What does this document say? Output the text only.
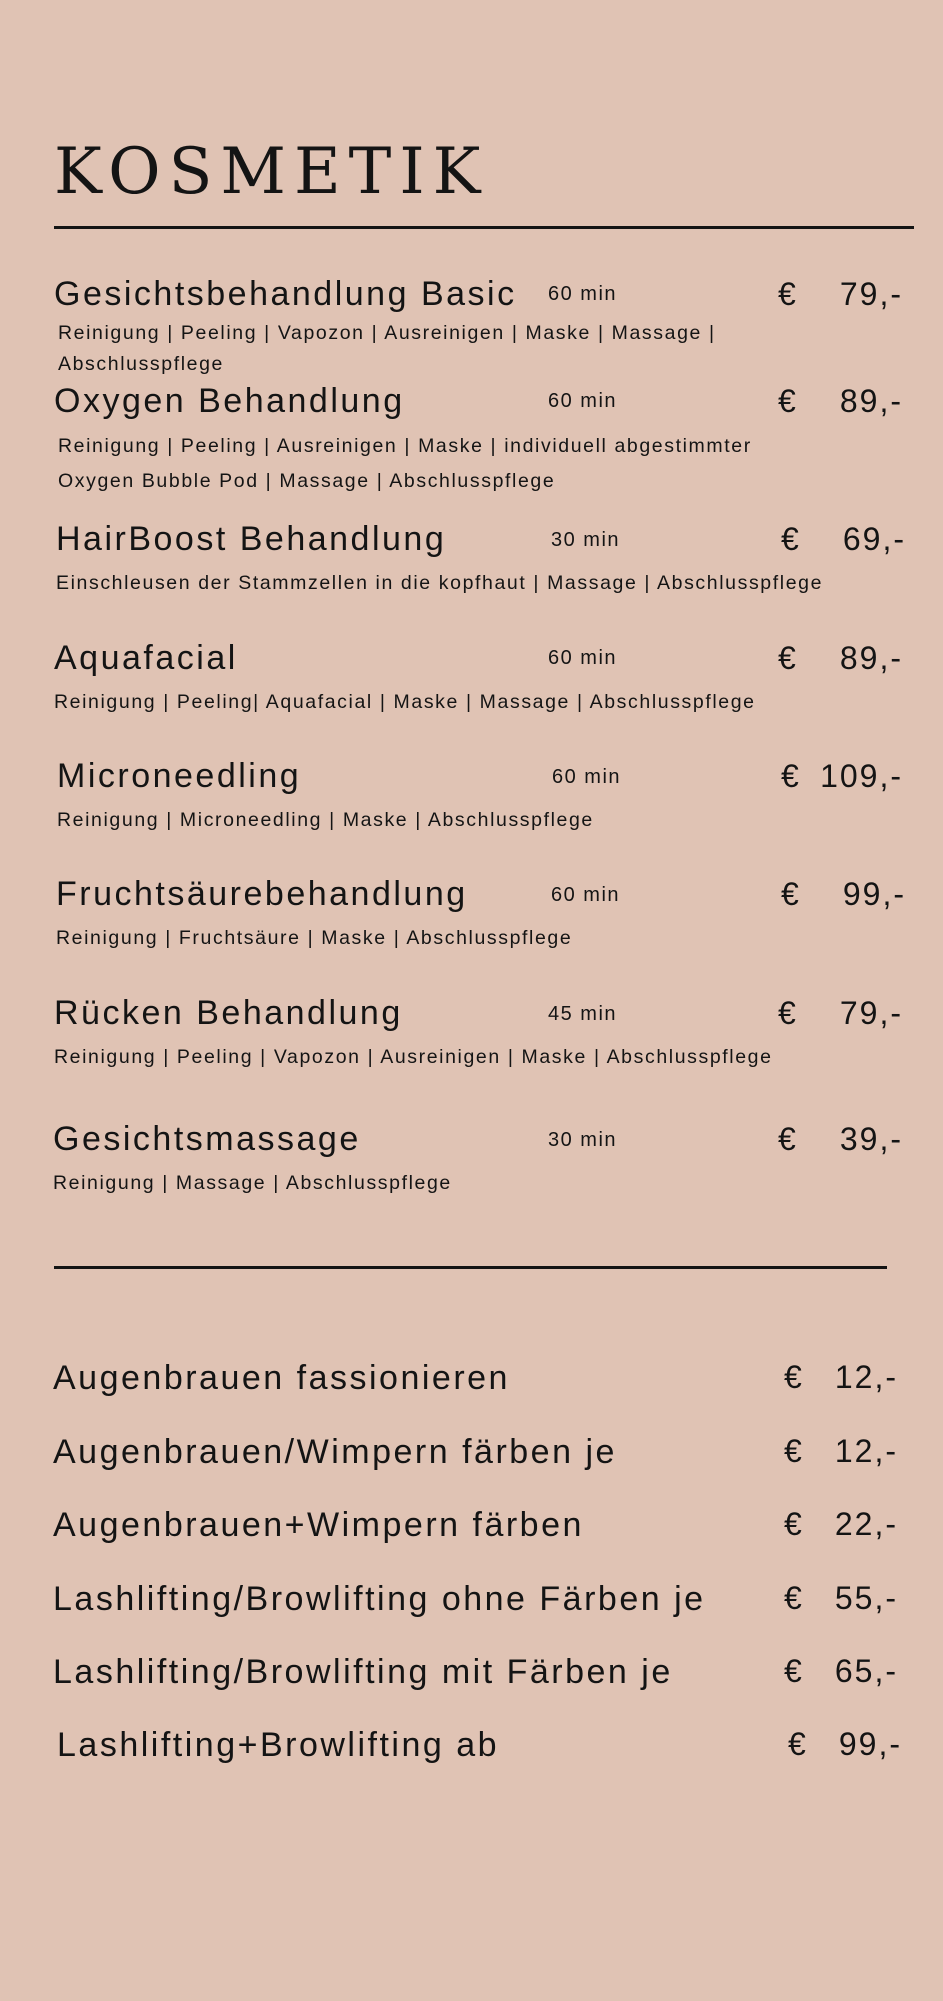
KOSMETIK
Gesichtsbehandlung Basic 60 min	€ 79,-
Reinigung | Peeling | Vapozon | Ausreinigen | Maske | Massage |
Abschlusspflege
Oxygen Behandlung	60 min	€ 89,-
Reinigung | Peeling | Ausreinigen | Maske | individuell abgestimmter
Oxygen Bubble Pod | Massage | Abschlusspflege
HairBoost Behandlung	30 min	€ 69,-
Einschleusen der Stammzellen in die kopfhaut | Massage | Abschlusspflege
Aquafacial	60 min	€ 89,-
Reinigung | Peeling| Aquafacial | Maske | Massage | Abschlusspflege
Microneedling	60 min	€ 109,-
Reinigung | Microneedling | Maske | Abschlusspflege
Fruchtsäurebehandlung	60 min	€ 99,-
Reinigung | Fruchtsäure | Maske | Abschlusspflege
Rücken Behandlung	45 min	€ 79,-
Reinigung | Peeling | Vapozon | Ausreinigen | Maske | Abschlusspflege
Gesichtsmassage	30 min	€ 39,-
Reinigung | Massage | Abschlusspflege
Augenbrauen fassionieren	€ 12,-
Augenbrauen/Wimpern färben je	€ 12,-
Augenbrauen+Wimpern färben	€ 22,-
Lashlifting/Browlifting ohne Färben je € 55,-
Lashlifting/Browlifting mit Färben je	€ 65,-
Lashlifting+Browlifting ab	€ 99,-
